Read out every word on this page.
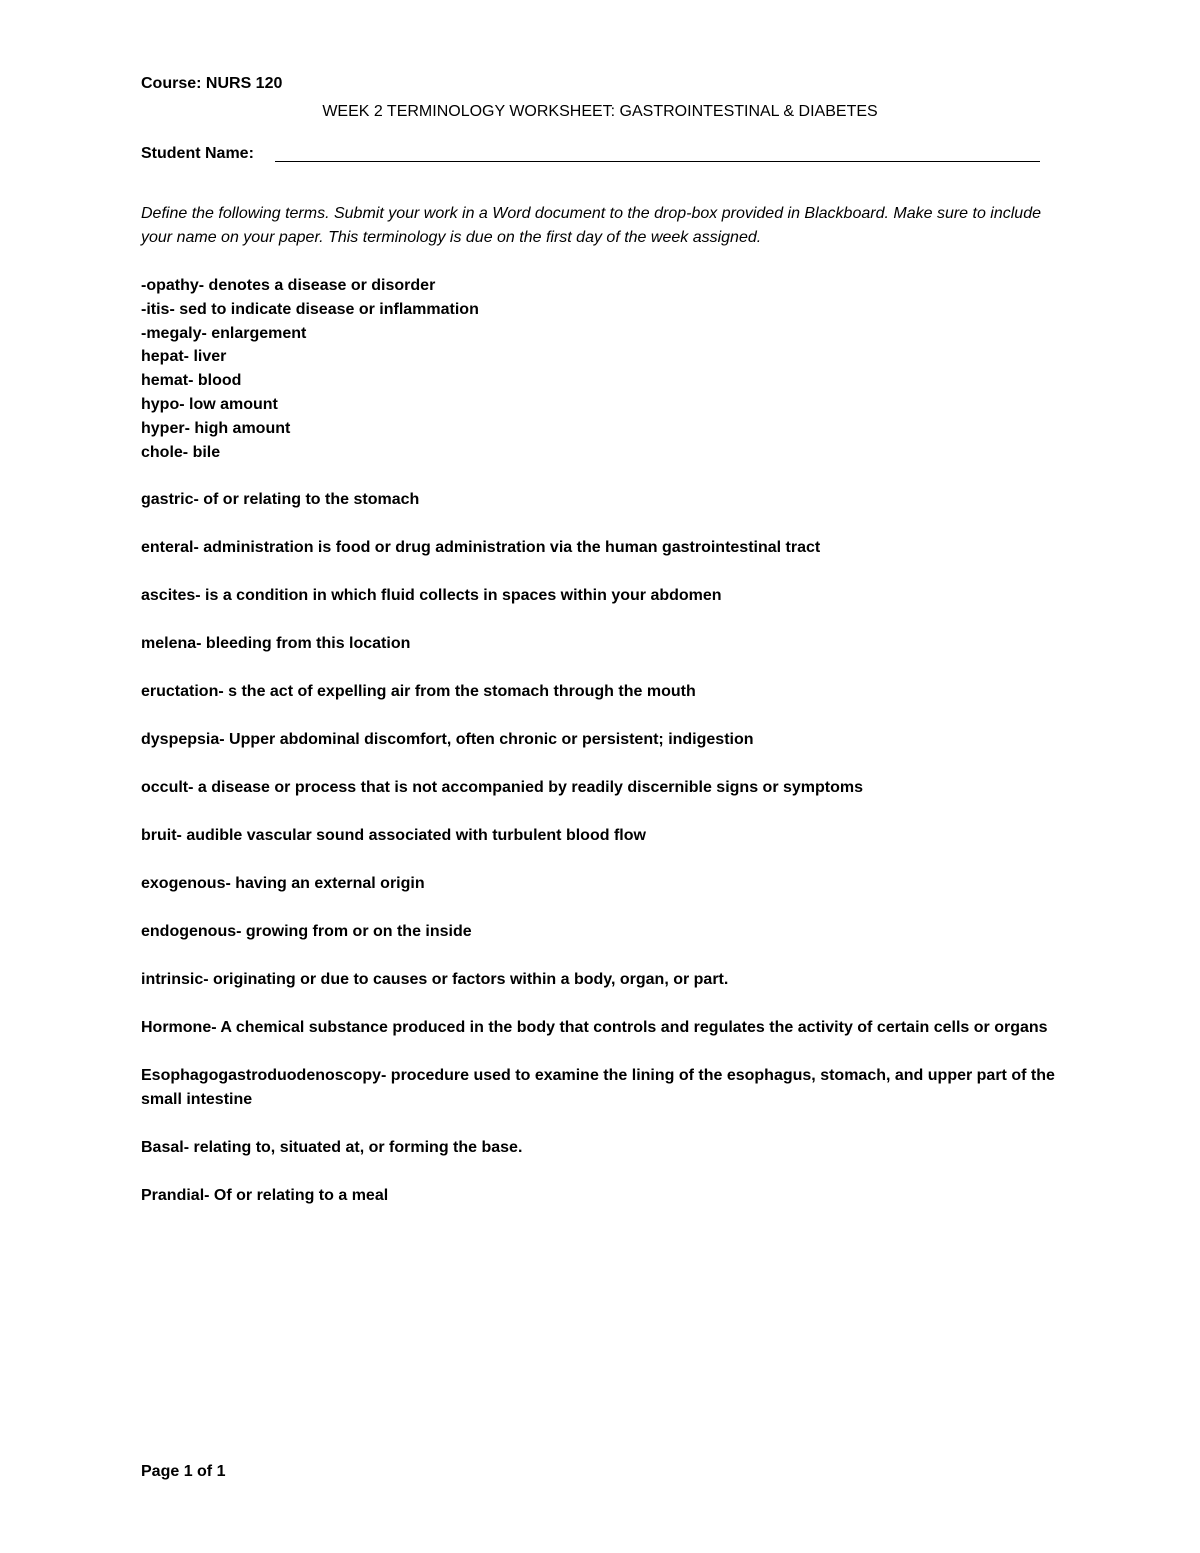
Course: NURS 120
WEEK 2 TERMINOLOGY WORKSHEET: GASTROINTESTINAL & DIABETES
Student Name:
Define the following terms. Submit your work in a Word document to the drop-box provided in Blackboard. Make sure to include your name on your paper. This terminology is due on the first day of the week assigned.
-opathy- denotes a disease or disorder
-itis- sed to indicate disease or inflammation
-megaly- enlargement
hepat- liver
hemat- blood
hypo- low amount
hyper- high amount
chole- bile
gastric- of or relating to the stomach
enteral- administration is food or drug administration via the human gastrointestinal tract
ascites- is a condition in which fluid collects in spaces within your abdomen
melena- bleeding from this location
eructation- s the act of expelling air from the stomach through the mouth
dyspepsia- Upper abdominal discomfort, often chronic or persistent; indigestion
occult- a disease or process that is not accompanied by readily discernible signs or symptoms
bruit- audible vascular sound associated with turbulent blood flow
exogenous- having an external origin
endogenous- growing from or on the inside
intrinsic- originating or due to causes or factors within a body, organ, or part.
Hormone- A chemical substance produced in the body that controls and regulates the activity of certain cells or organs
Esophagogastroduodenoscopy- procedure used to examine the lining of the esophagus, stomach, and upper part of the small intestine
Basal- relating to, situated at, or forming the base.
Prandial- Of or relating to a meal
Page 1 of 1
